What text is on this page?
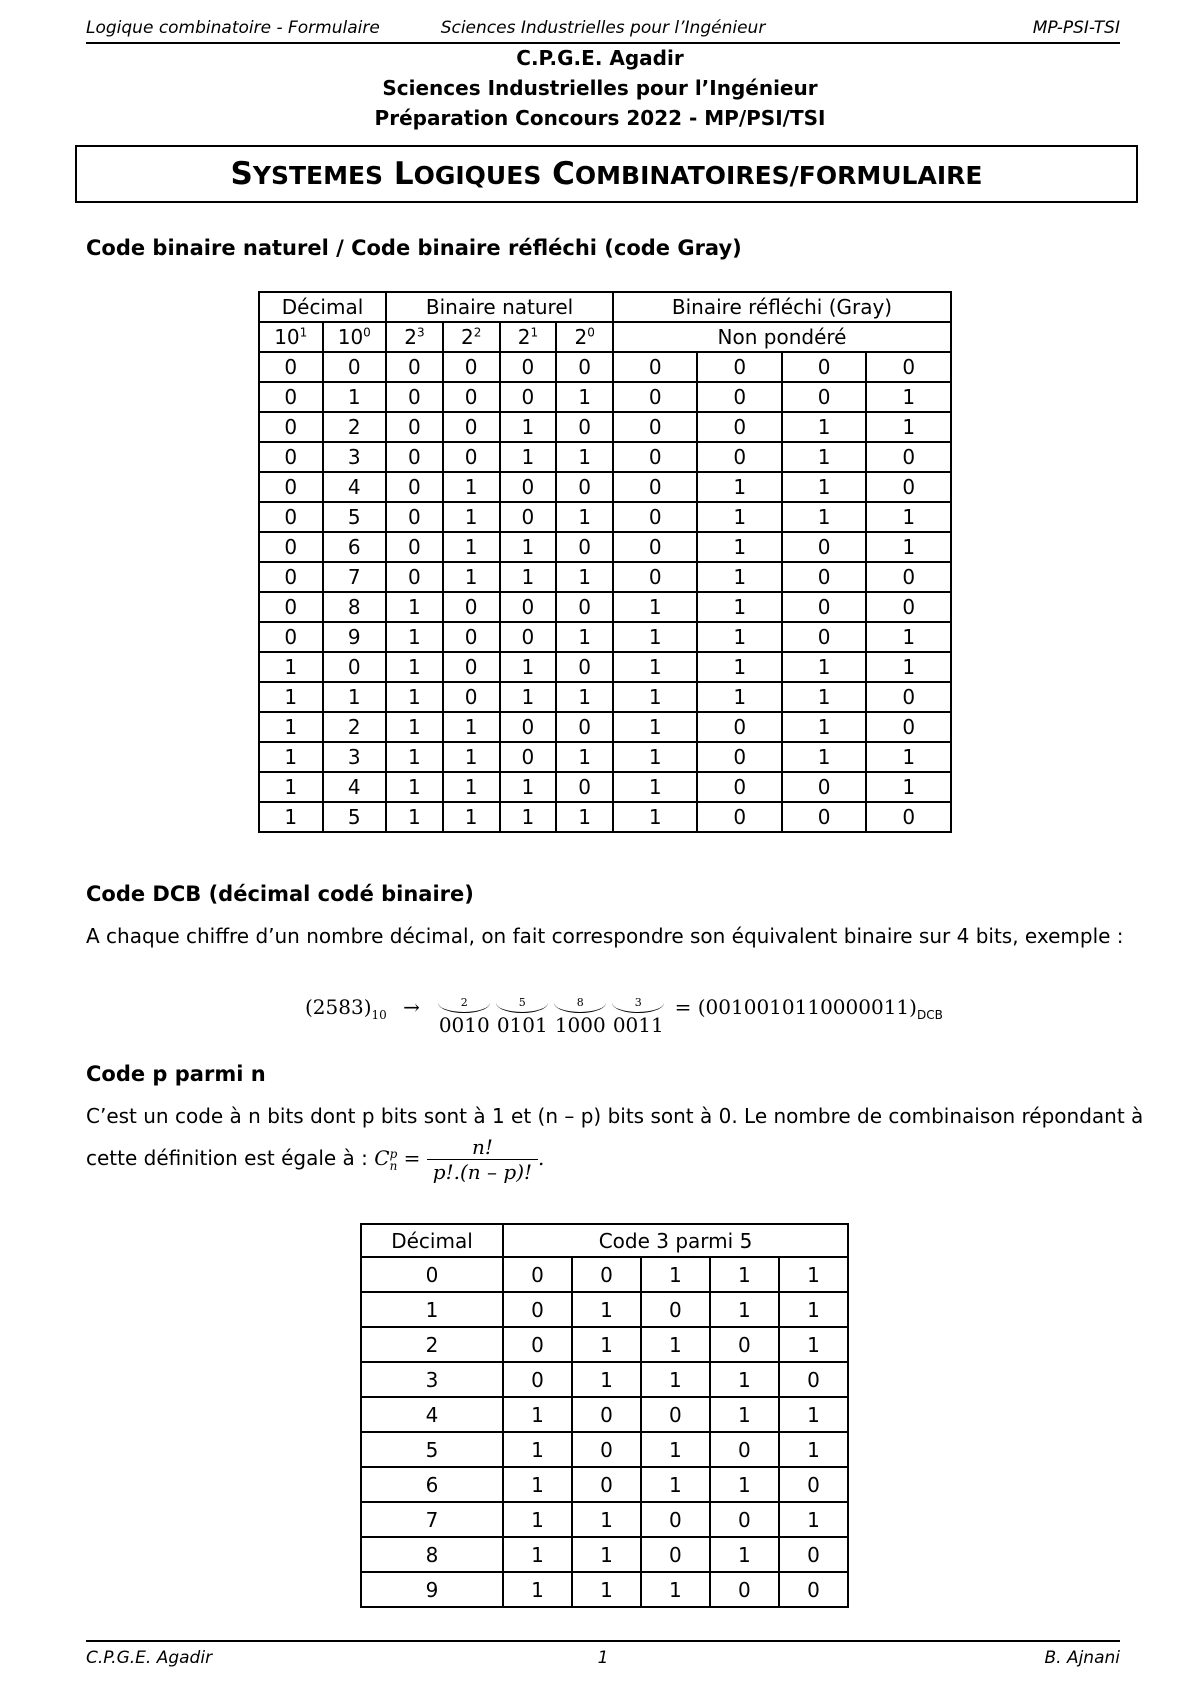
Logique combinatoire - Formulaire	Sciences Industrielles pour l’Ingénieur	MP-PSI-TSI
C.P.G.E. Agadir
Sciences Industrielles pour l’Ingénieur
Préparation Concours 2022 - MP/PSI/TSI
SYSTEMES LOGIQUES COMBINATOIRES/FORMULAIRE
Code binaire naturel / Code binaire réfléchi (code Gray)
Décimal		Binaire naturel				Binaire réfléchi (Gray)			
$10^1$	$10^0$	$2^3$	$2^2$	$2^1$	$2^0$	Non pondéré			
0	0	0	0	0	0	0	0	0	0
0	1	0	0	0	1	0	0	0	1
0	2	0	0	1	0	0	0	1	1
0	3	0	0	1	1	0	0	1	0
0	4	0	1	0	0	0	1	1	0
0	5	0	1	0	1	0	1	1	1
0	6	0	1	1	0	0	1	0	1
0	7	0	1	1	1	0	1	0	0
0	8	1	0	0	0	1	1	0	0
0	9	1	0	0	1	1	1	0	1
1	0	1	0	1	0	1	1	1	1
1	1	1	0	1	1	1	1	1	0
1	2	1	1	0	0	1	0	1	0
1	3	1	1	0	1	1	0	1	1
1	4	1	1	1	0	1	0	0	1
1	5	1	1	1	1	1	0	0	0
Code DCB (décimal codé binaire)

A chaque chiffre d’un nombre décimal, on fait correspondre son équivalent binaire sur 4 bits, exemple :

$(2583)_{10}$ →	2
0010
5
0101
8
1000
3
$0011 = (0010010110000011)_{DCB}$
Code p parmi n

C’est un code à n bits dont p bits sont à 1 et (n – p) bits sont à 0. Le nombre de combinaison répondant à

cette définition est égale à : C p
$n = \frac{n!}{p!.(n - p)!}$ .

Décimal	Code 3 parmi 5				
0	0	0	1	1	1
1	0	1	0	1	1
2	0	1	1	0	1
3	0	1	1	1	0
4	1	0	0	1	1
5	1	0	1	0	1
6	1	0	1	1	0
7	1	1	0	0	1
8	1	1	0	1	0
9	1	1	1	0	0
C.P.G.E. Agadir	1	B. Ajnani
